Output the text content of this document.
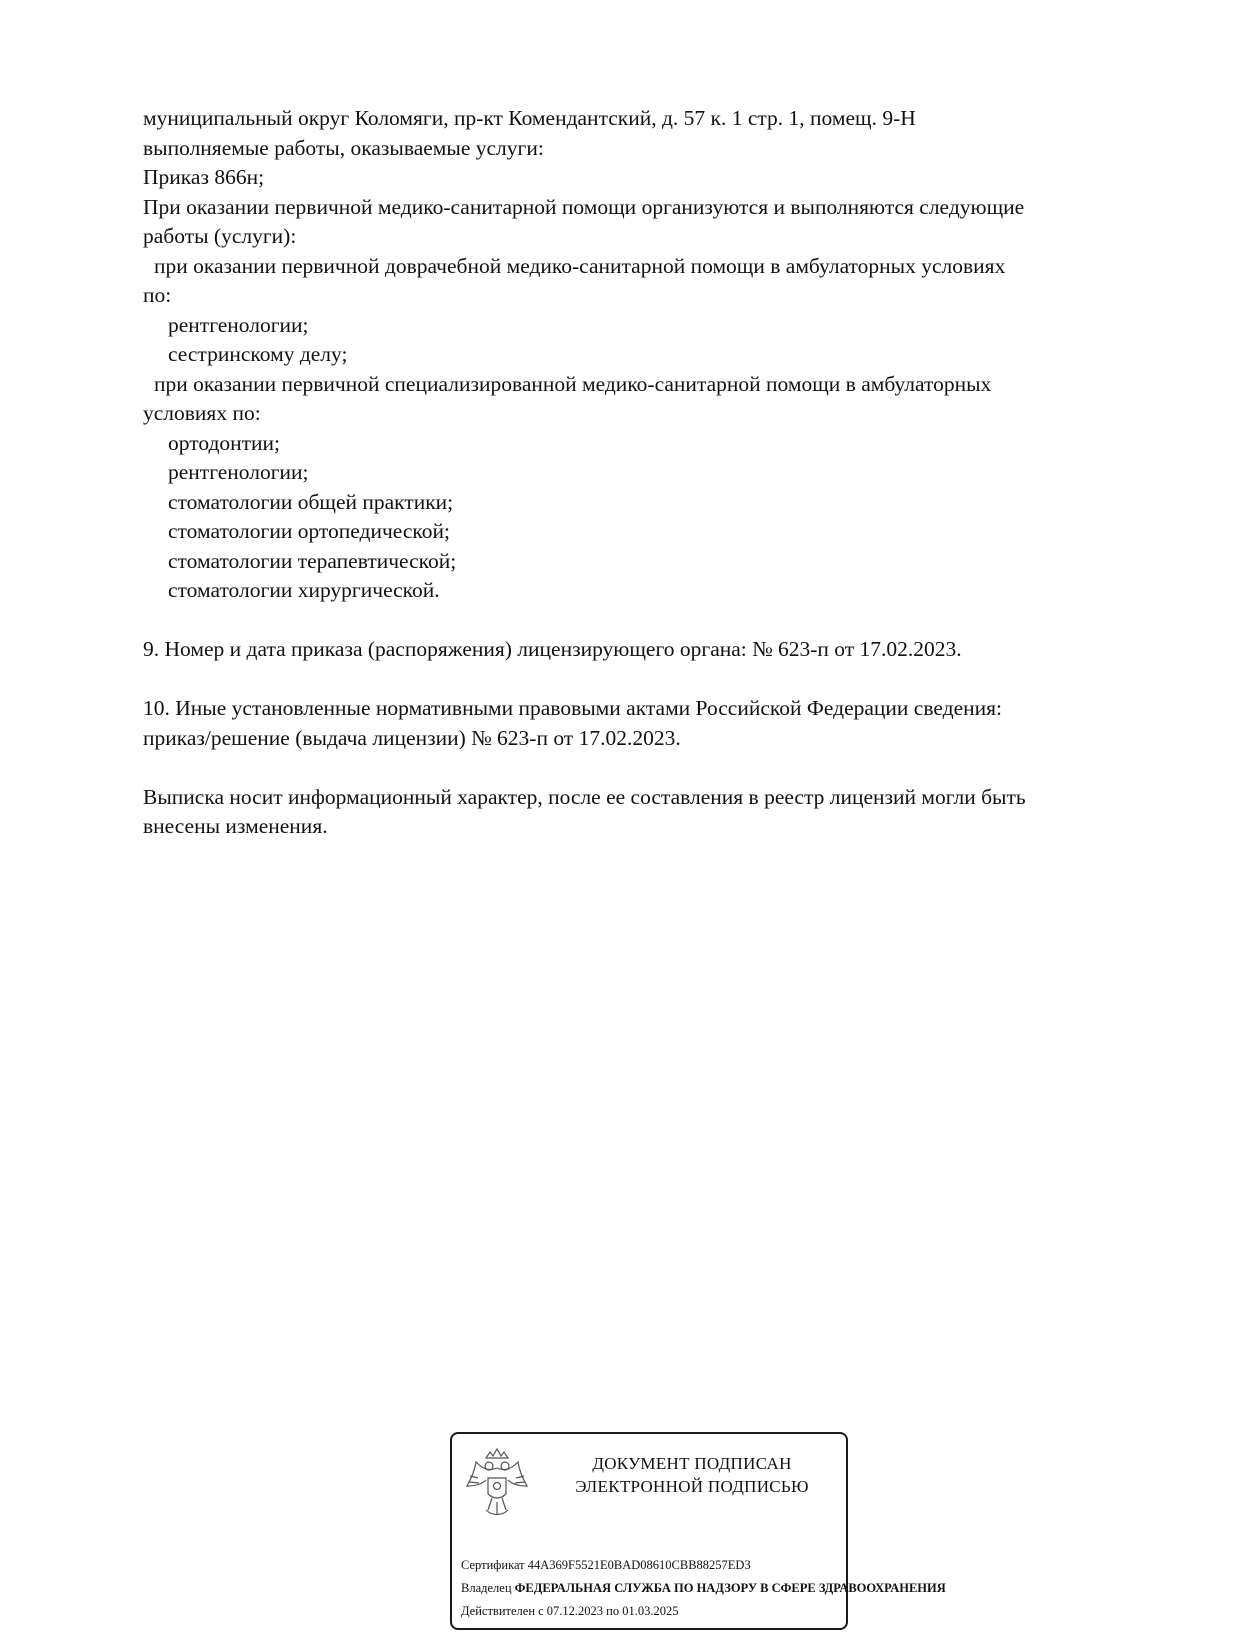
муниципальный округ Коломяги, пр-кт Комендантский, д. 57 к. 1 стр. 1, помещ. 9-Н
выполняемые работы, оказываемые услуги:
Приказ 866н;
При оказании первичной медико-санитарной помощи организуются и выполняются следующие
работы (услуги):
при оказании первичной доврачебной медико-санитарной помощи в амбулаторных условиях
по:
рентгенологии;
сестринскому делу;
при оказании первичной специализированной медико-санитарной помощи в амбулаторных
условиях по:
ортодонтии;
рентгенологии;
стоматологии общей практики;
стоматологии ортопедической;
стоматологии терапевтической;
стоматологии хирургической.
9. Номер и дата приказа (распоряжения) лицензирующего органа: № 623-п от 17.02.2023.
10. Иные установленные нормативными правовыми актами Российской Федерации сведения:
приказ/решение (выдача лицензии) № 623-п от 17.02.2023.
Выписка носит информационный характер, после ее составления в реестр лицензий могли быть
внесены изменения.
ДОКУМЕНТ ПОДПИСАН
ЭЛЕКТРОННОЙ ПОДПИСЬЮ
Сертификат 44A369F5521E0BAD08610CBB88257ED3
Владелец ФЕДЕРАЛЬНАЯ СЛУЖБА ПО НАДЗОРУ В СФЕРЕ ЗДРАВООХРАНЕНИЯ
Действителен с 07.12.2023 по 01.03.2025
